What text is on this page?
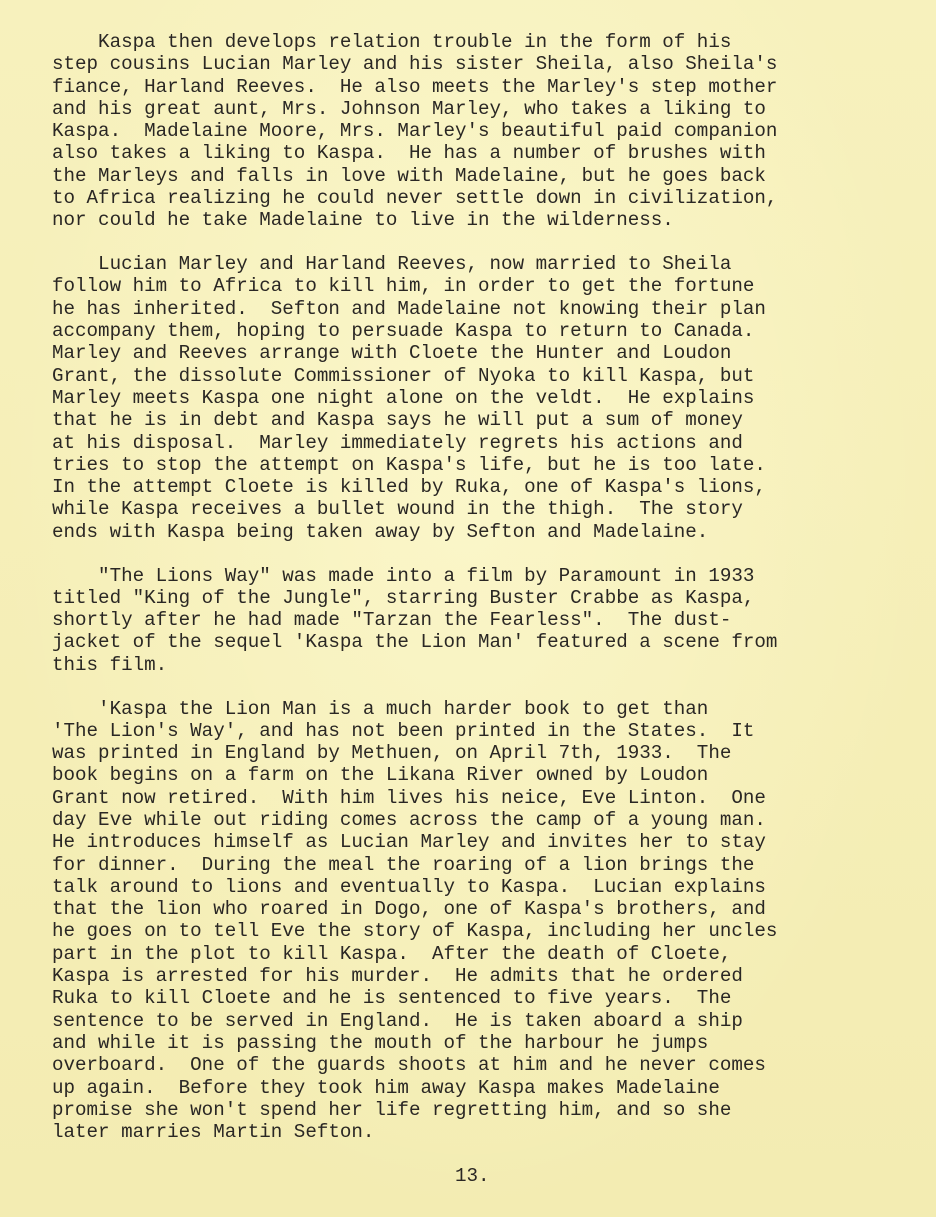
Kaspa then develops relation trouble in the form of his
step cousins Lucian Marley and his sister Sheila, also Sheila's
fiance, Harland Reeves.  He also meets the Marley's step mother
and his great aunt, Mrs. Johnson Marley, who takes a liking to
Kaspa.  Madelaine Moore, Mrs. Marley's beautiful paid companion
also takes a liking to Kaspa.  He has a number of brushes with
the Marleys and falls in love with Madelaine, but he goes back
to Africa realizing he could never settle down in civilization,
nor could he take Madelaine to live in the wilderness.
Lucian Marley and Harland Reeves, now married to Sheila
follow him to Africa to kill him, in order to get the fortune
he has inherited.  Sefton and Madelaine not knowing their plan
accompany them, hoping to persuade Kaspa to return to Canada.
Marley and Reeves arrange with Cloete the Hunter and Loudon
Grant, the dissolute Commissioner of Nyoka to kill Kaspa, but
Marley meets Kaspa one night alone on the veldt.  He explains
that he is in debt and Kaspa says he will put a sum of money
at his disposal.  Marley immediately regrets his actions and
tries to stop the attempt on Kaspa's life, but he is too late.
In the attempt Cloete is killed by Ruka, one of Kaspa's lions,
while Kaspa receives a bullet wound in the thigh.  The story
ends with Kaspa being taken away by Sefton and Madelaine.
"The Lions Way" was made into a film by Paramount in 1933
titled "King of the Jungle", starring Buster Crabbe as Kaspa,
shortly after he had made "Tarzan the Fearless".  The dust-
jacket of the sequel 'Kaspa the Lion Man' featured a scene from
this film.
'Kaspa the Lion Man is a much harder book to get than
'The Lion's Way', and has not been printed in the States.  It
was printed in England by Methuen, on April 7th, 1933.  The
book begins on a farm on the Likana River owned by Loudon
Grant now retired.  With him lives his neice, Eve Linton.  One
day Eve while out riding comes across the camp of a young man.
He introduces himself as Lucian Marley and invites her to stay
for dinner.  During the meal the roaring of a lion brings the
talk around to lions and eventually to Kaspa.  Lucian explains
that the lion who roared in Dogo, one of Kaspa's brothers, and
he goes on to tell Eve the story of Kaspa, including her uncles
part in the plot to kill Kaspa.  After the death of Cloete,
Kaspa is arrested for his murder.  He admits that he ordered
Ruka to kill Cloete and he is sentenced to five years.  The
sentence to be served in England.  He is taken aboard a ship
and while it is passing the mouth of the harbour he jumps
overboard.  One of the guards shoots at him and he never comes
up again.  Before they took him away Kaspa makes Madelaine
promise she won't spend her life regretting him, and so she
later marries Martin Sefton.
13.
